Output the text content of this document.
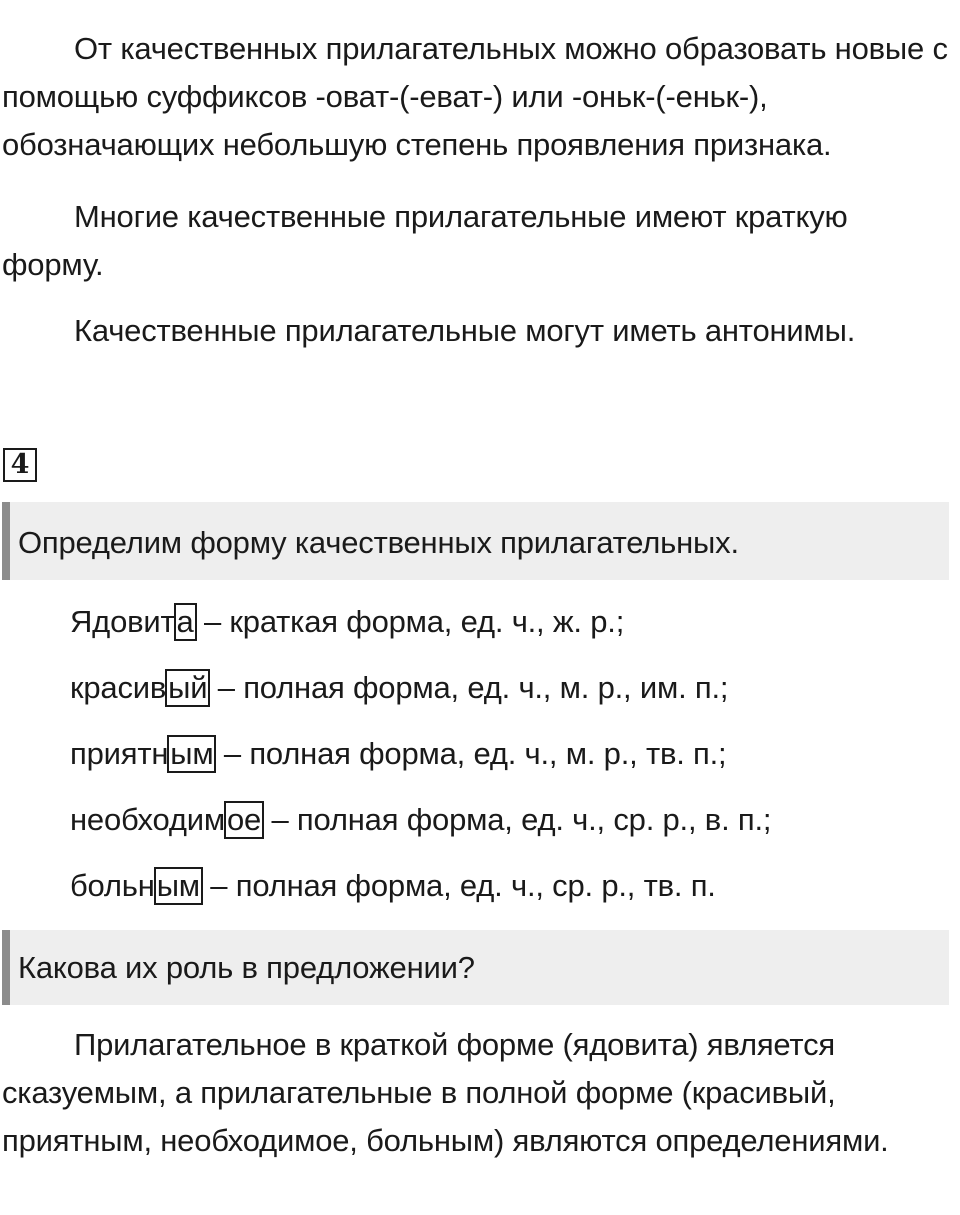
От качественных прилагательных можно образовать новые с помощью суффиксов -оват-(-еват-) или -оньк-(-еньк-), обозначающих небольшую степень проявления признака.

Многие качественные прилагательные имеют краткую форму.

Качественные прилагательные могут иметь антонимы.

4
Определим форму качественных прилагательных.
Ядовита – краткая форма, ед. ч., ж. р.;
красивый – полная форма, ед. ч., м. р., им. п.;
приятным – полная форма, ед. ч., м. р., тв. п.;
необходимое – полная форма, ед. ч., ср. р., в. п.;
больным – полная форма, ед. ч., ср. р., тв. п.
Какова их роль в предложении?

Прилагательное в краткой форме (ядовита) является сказуемым, а прилагательные в полной форме (красивый, приятным, необходимое, больным) являются определениями.
